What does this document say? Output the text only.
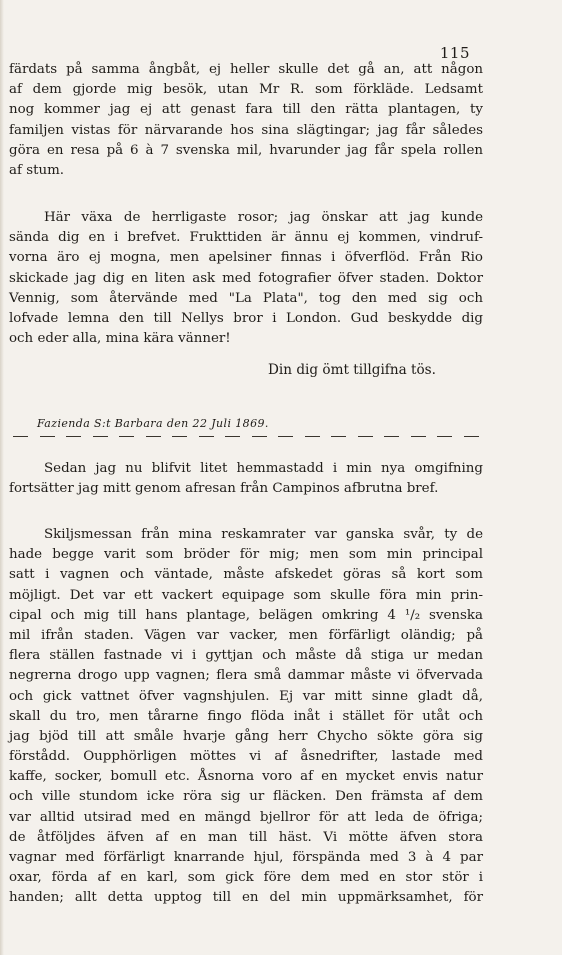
115
färdats på samma ångbåt, ej heller skulle det gå an, att någon
af dem gjorde mig besök, utan Mr R. som förkläde. Ledsamt
nog kommer jag ej att genast fara till den rätta plantagen, ty
familjen vistas för närvarande hos sina slägtingar; jag får således
göra en resa på 6 à 7 svenska mil, hvarunder jag får spela rollen
af stum.
Här växa de herrligaste rosor; jag önskar att jag kunde
sända dig en i brefvet. Frukttiden är ännu ej kommen, vindruf-
vorna äro ej mogna, men apelsiner finnas i öfverflöd. Från Rio
skickade jag dig en liten ask med fotografier öfver staden. Doktor
Vennig, som återvände med "La Plata", tog den med sig och
lofvade lemna den till Nellys bror i London. Gud beskydde dig
och eder alla, mina kära vänner!
Din dig ömt tillgifna tös.
Fazienda S:t Barbara den 22 Juli 1869.
Sedan jag nu blifvit litet hemmastadd i min nya omgifning
fortsätter jag mitt genom afresan från Campinos afbrutna bref.
Skiljsmessan från mina reskamrater var ganska svår, ty de
hade begge varit som bröder för mig; men som min principal
satt i vagnen och väntade, måste afskedet göras så kort som
möjligt. Det var ett vackert equipage som skulle föra min prin-
cipal och mig till hans plantage, belägen omkring 4 ¹/₂ svenska
mil ifrån staden. Vägen var vacker, men förfärligt oländig; på
flera ställen fastnade vi i gyttjan och måste då stiga ur medan
negrerna drogo upp vagnen; flera små dammar måste vi öfvervada
och gick vattnet öfver vagnshjulen. Ej var mitt sinne gladt då,
skall du tro, men tårarne fingo flöda inåt i stället för utåt och
jag bjöd till att småle hvarje gång herr Chycho sökte göra sig
förstådd. Oupphörligen möttes vi af åsnedrifter, lastade med
kaffe, socker, bomull etc. Åsnorna voro af en mycket envis natur
och ville stundom icke röra sig ur fläcken. Den främsta af dem
var alltid utsirad med en mängd bjellror för att leda de öfriga;
de åtföljdes äfven af en man till häst. Vi mötte äfven stora
vagnar med förfärligt knarrande hjul, förspända med 3 à 4 par
oxar, förda af en karl, som gick före dem med en stor stör i
handen; allt detta upptog till en del min uppmärksamhet, för
